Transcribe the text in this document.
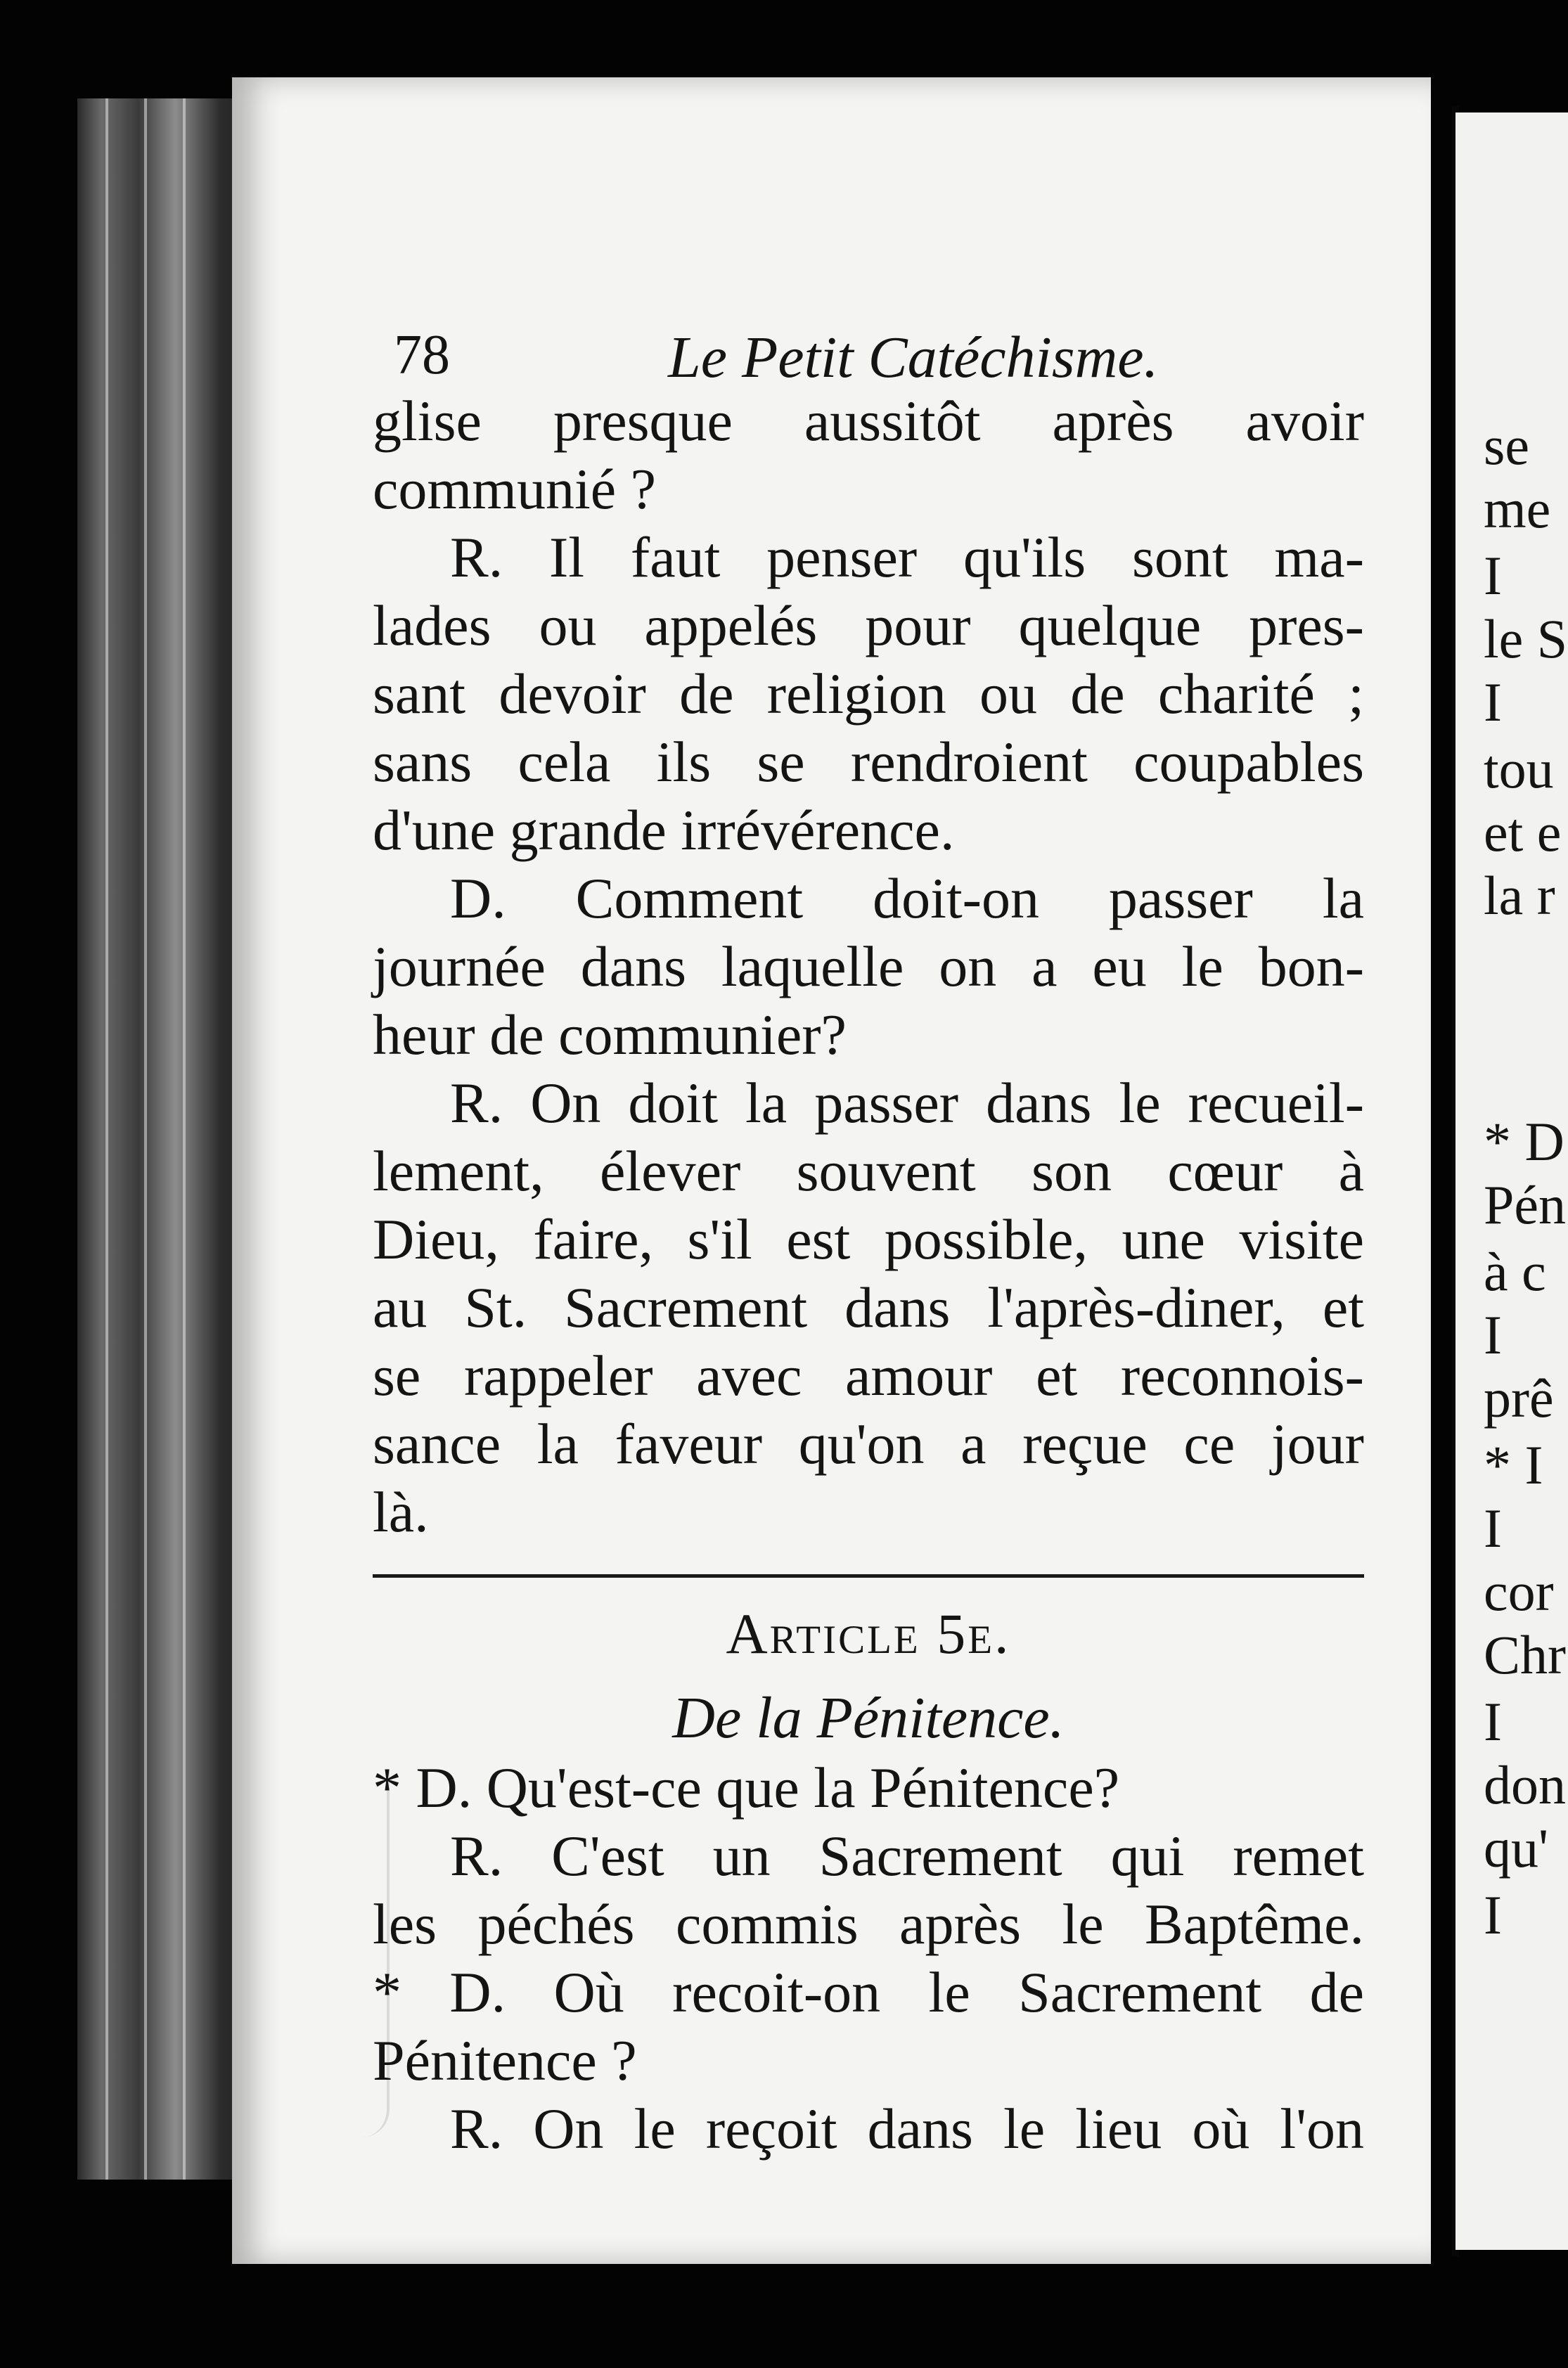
se
me
I
le S
I
tou
et e
la r
* D
Pén
à c
I
prê
* I
I
cor
Chr
I
don
qu'
I
78	Le Petit Catéchisme.
glise presque aussitôt après avoir
communié ?
R. Il faut penser qu'ils sont ma-
lades ou appelés pour quelque pres-
sant devoir de religion ou de charité ;
sans cela ils se rendroient coupables
d'une grande irrévérence.
D. Comment doit-on passer la
journée dans laquelle on a eu le bon-
heur de communier?
R. On doit la passer dans le recueil-
lement, élever souvent son cœur à
Dieu, faire, s'il est possible, une visite
au St. Sacrement dans l'après-diner, et
se rappeler avec amour et reconnois-
sance la faveur qu'on a reçue ce jour
là.
Article 5e.
De la Pénitence.
* D. Qu'est-ce que la Pénitence?
R. C'est un Sacrement qui remet
les péchés commis après le Baptême.
* D. Où recoit-on le Sacrement de
Pénitence ?
R. On le reçoit dans le lieu où l'on
